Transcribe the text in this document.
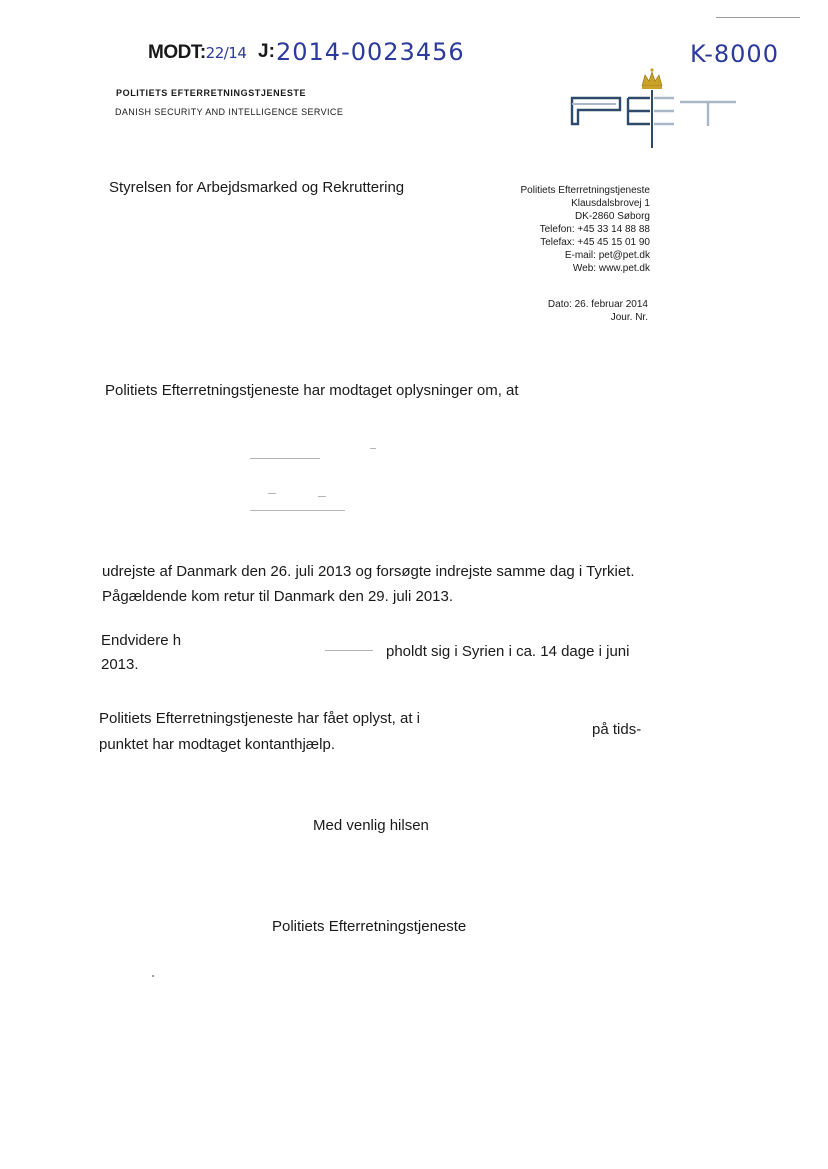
MODT:22/14 J: 2014-0023456	K-8000
POLITIETS EFTERRETNINGSTJENESTE
DANISH SECURITY AND INTELLIGENCE SERVICE
Styrelsen for Arbejdsmarked og Rekruttering	Politiets Efterretningstjeneste
Klausdalsbrovej 1
DK-2860 Søborg
Telefon: +45 33 14 88 88
Telefax: +45 45 15 01 90
E-mail: pet@pet.dk
Web: www.pet.dk
Dato: 26. februar 2014
Jour. Nr.
Politiets Efterretningstjeneste har modtaget oplysninger om, at
udrejste af Danmark den 26. juli 2013 og forsøgte indrejste samme dag i Tyrkiet.
Pågældende kom retur til Danmark den 29. juli 2013.
Endvidere h
pholdt sig i Syrien i ca. 14 dage i juni
2013.
Politiets Efterretningstjeneste har fået oplyst, at i
på tids-
punktet har modtaget kontanthjælp.
Med venlig hilsen
Politiets Efterretningstjeneste
